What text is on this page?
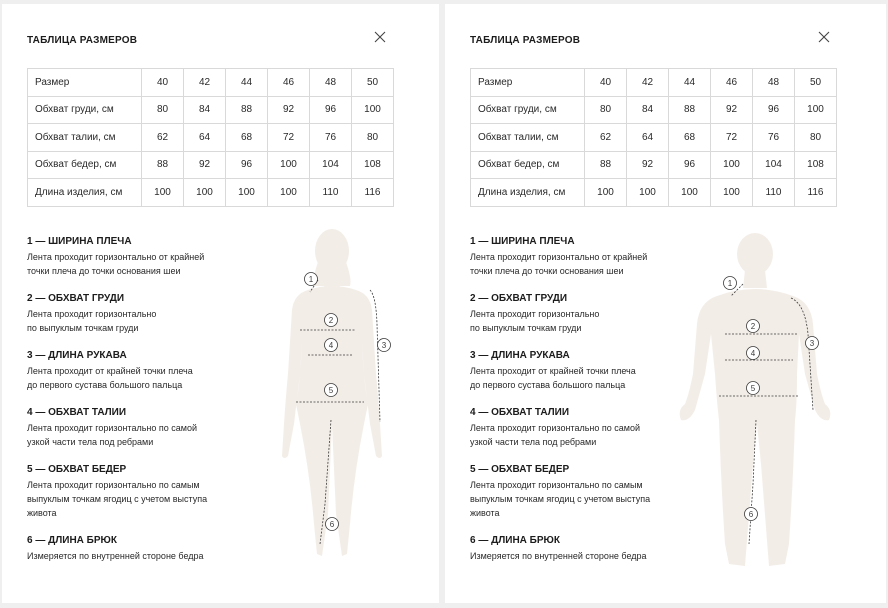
ТАБЛИЦА РАЗМЕРОВ
Размер	40	42	44	46	48	50
Обхват груди, см	80	84	88	92	96	100
Обхват талии, см	62	64	68	72	76	80
Обхват бедер, см	88	92	96	100	104	108
Длина изделия, см	100	100	100	100	110	116
1 — ШИРИНА ПЛЕЧА
Лента проходит горизонтально от крайней
точки плеча до точки основания шеи
2 — ОБХВАТ ГРУДИ
Лента проходит горизонтально
по выпуклым точкам груди
3 — ДЛИНА РУКАВА
Лента проходит от крайней точки плеча
до первого сустава большого пальца
4 — ОБХВАТ ТАЛИИ
Лента проходит горизонтально по самой
узкой части тела под ребрами
5 — ОБХВАТ БЕДЕР
Лента проходит горизонтально по самым
выпуклым точкам ягодиц с учетом выступа
живота
6 — ДЛИНА БРЮК
Измеряется по внутренней стороне бедра
1
2
3
4
5
6
ТАБЛИЦА РАЗМЕРОВ
Размер	40	42	44	46	48	50
Обхват груди, см	80	84	88	92	96	100
Обхват талии, см	62	64	68	72	76	80
Обхват бедер, см	88	92	96	100	104	108
Длина изделия, см	100	100	100	100	110	116
1 — ШИРИНА ПЛЕЧА
Лента проходит горизонтально от крайней
точки плеча до точки основания шеи
2 — ОБХВАТ ГРУДИ
Лента проходит горизонтально
по выпуклым точкам груди
3 — ДЛИНА РУКАВА
Лента проходит от крайней точки плеча
до первого сустава большого пальца
4 — ОБХВАТ ТАЛИИ
Лента проходит горизонтально по самой
узкой части тела под ребрами
5 — ОБХВАТ БЕДЕР
Лента проходит горизонтально по самым
выпуклым точкам ягодиц с учетом выступа
живота
6 — ДЛИНА БРЮК
Измеряется по внутренней стороне бедра
1
2
3
4
5
6
